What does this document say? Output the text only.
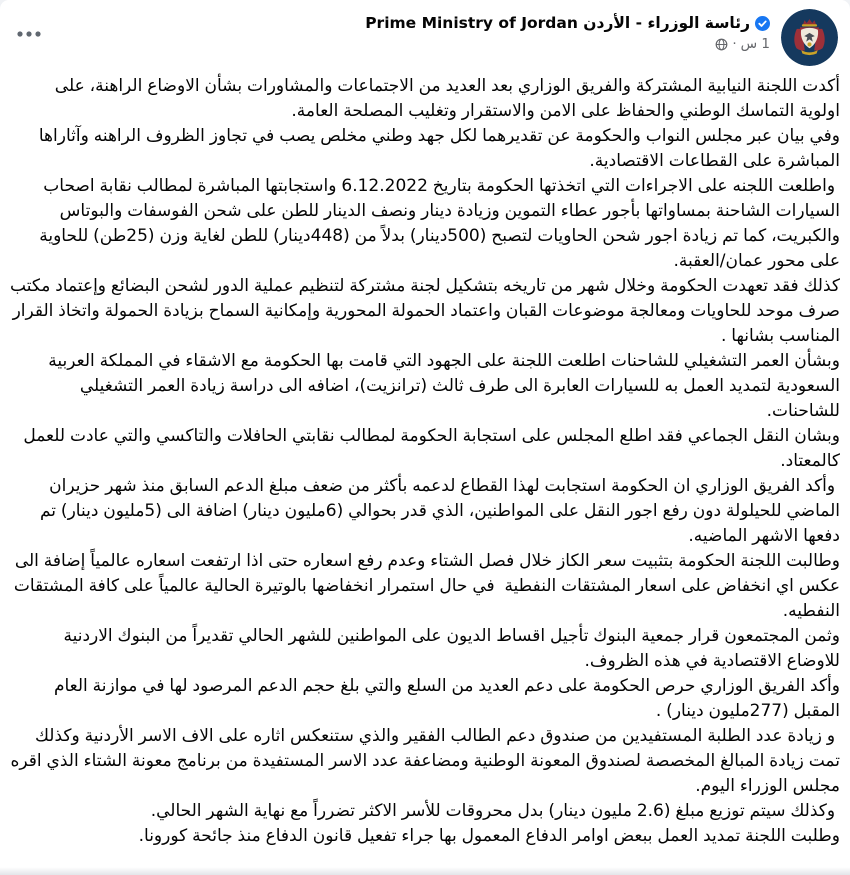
رئاسة الوزراء - الأردن Prime Ministry of Jordan
1 س
·

أكدت اللجنة النيابية المشتركة والفريق الوزاري بعد العديد من الاجتماعات والمشاورات بشأن الاوضاع الراهنة، على اولوية التماسك الوطني والحفاظ على الامن والاستقرار وتغليب المصلحة العامة.

وفي بيان عبر مجلس النواب والحكومة عن تقديرهما لكل جهد وطني مخلص يصب في تجاوز الظروف الراهنه وآثاراها المباشرة على القطاعات الاقتصادية.

واطلعت اللجنه على الاجراءات التي اتخذتها الحكومة بتاريخ 6.12.2022 واستجابتها المباشرة لمطالب نقابة اصحاب السيارات الشاحنة بمساواتها بأجور عطاء التموين وزيادة دينار ونصف الدينار للطن على شحن الفوسفات والبوتاس والكبريت، كما تم زيادة اجور شحن الحاويات لتصبح (500دينار) بدلاً من (448دينار) للطن لغاية وزن (25طن) للحاوية على محور عمان/العقبة.

كذلك فقد تعهدت الحكومة وخلال شهر من تاريخه بتشكيل لجنة مشتركة لتنظيم عملية الدور لشحن البضائع وإعتماد مكتب صرف موحد للحاويات ومعالجة موضوعات القبان واعتماد الحمولة المحورية وإمكانية السماح بزيادة الحمولة واتخاذ القرار المناسب بشانها .

وبشأن العمر التشغيلي للشاحنات اطلعت اللجنة على الجهود التي قامت بها الحكومة مع الاشقاء في المملكة العربية السعودية لتمديد العمل به للسيارات العابرة الى طرف ثالث (ترانزيت)، اضافه الى دراسة زيادة العمر التشغيلي للشاحنات.

وبشان النقل الجماعي فقد اطلع المجلس على استجابة الحكومة لمطالب نقابتي الحافلات والتاكسي والتي عادت للعمل كالمعتاد.

وأكد الفريق الوزاري ان الحكومة استجابت لهذا القطاع لدعمه بأكثر من ضعف مبلغ الدعم السابق منذ شهر حزيران الماضي للحيلولة دون رفع اجور النقل على المواطنين، الذي قدر بحوالي (6مليون دينار) اضافة الى (5مليون دينار) تم دفعها الاشهر الماضيه.

وطالبت اللجنة الحكومة بتثبيت سعر الكاز خلال فصل الشتاء وعدم رفع اسعاره حتى اذا ارتفعت اسعاره عالمياً إضافة الى عكس اي انخفاض على اسعار المشتقات النفطية  في حال استمرار انخفاضها بالوتيرة الحالية عالمياً على كافة المشتقات النفطيه.

وثمن المجتمعون قرار جمعية البنوك تأجيل اقساط الديون على المواطنين للشهر الحالي تقديراً من البنوك الاردنية للاوضاع الاقتصادية في هذه الظروف.

وأكد الفريق الوزاري حرص الحكومة على دعم العديد من السلع والتي بلغ حجم الدعم المرصود لها في موازنة العام المقبل (277مليون دينار) .

و زيادة عدد الطلبة المستفيدين من صندوق دعم الطالب الفقير والذي ستنعكس اثاره على الاف الاسر الأردنية وكذلك تمت زيادة المبالغ المخصصة لصندوق المعونة الوطنية ومضاعفة عدد الاسر المستفيدة من برنامج معونة الشتاء الذي اقره مجلس الوزراء اليوم.

وكذلك سيتم توزيع مبلغ (2.6 مليون دينار) بدل محروقات للأسر الاكثر تضرراً مع نهاية الشهر الحالي.

وطلبت اللجنة تمديد العمل ببعض اوامر الدفاع المعمول بها جراء تفعيل قانون الدفاع منذ جائحة كورونا.
